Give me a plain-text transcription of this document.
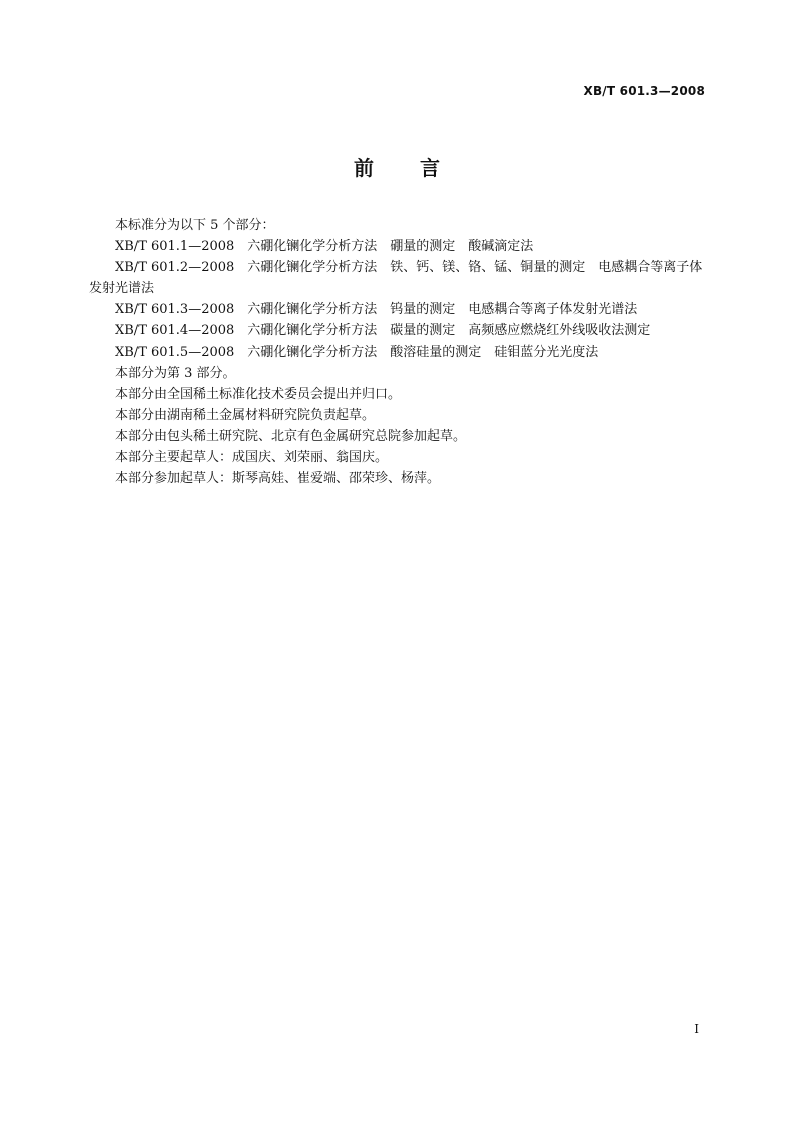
XB/T 601.3—2008
前 言

本标准分为以下 5 个部分：

XB/T 601.1—2008　六硼化镧化学分析方法　硼量的测定　酸碱滴定法

XB/T 601.2—2008　六硼化镧化学分析方法　铁、钙、镁、铬、锰、铜量的测定　电感耦合等离子体发射光谱法

XB/T 601.3—2008　六硼化镧化学分析方法　钨量的测定　电感耦合等离子体发射光谱法

XB/T 601.4—2008　六硼化镧化学分析方法　碳量的测定　高频感应燃烧红外线吸收法测定

XB/T 601.5—2008　六硼化镧化学分析方法　酸溶硅量的测定　硅钼蓝分光光度法

本部分为第 3 部分。

本部分由全国稀土标准化技术委员会提出并归口。

本部分由湖南稀土金属材料研究院负责起草。

本部分由包头稀土研究院、北京有色金属研究总院参加起草。

本部分主要起草人：成国庆、刘荣丽、翁国庆。

本部分参加起草人：斯琴高娃、崔爱端、邵荣珍、杨萍。

I
